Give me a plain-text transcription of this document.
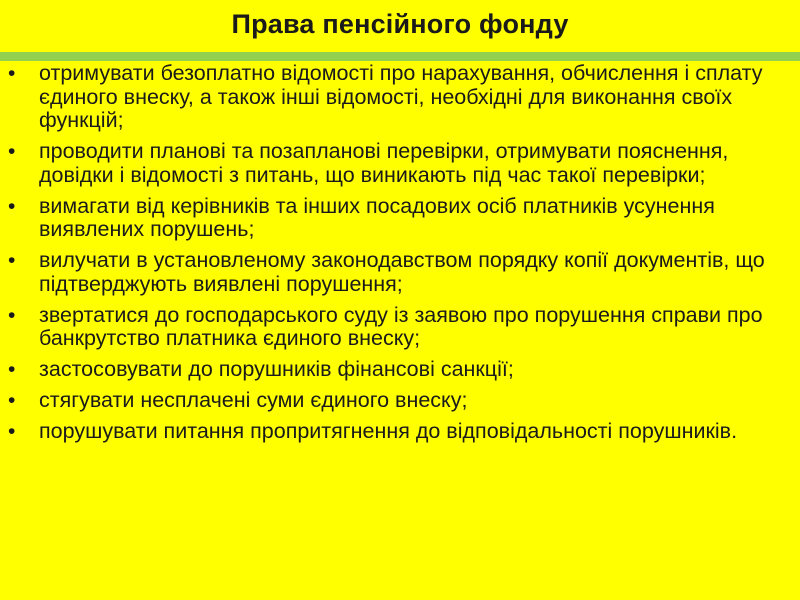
Права пенсійного фонду
• отримувати безоплатно відомості про нарахування, обчислення і сплату єдиного внеску, а також інші відомості, необхідні для виконання своїх функцій;
• проводити планові та позапланові перевірки, отримувати пояснення, довідки і відомості з питань, що виникають під час такої перевірки;
• вимагати від керівників та інших посадових осіб платників усунення виявлених порушень;
• вилучати в установленому законодавством порядку копії документів, що підтверджують виявлені порушення;
• звертатися до господарського суду із заявою про порушення справи про банкрутство платника єдиного внеску;
• застосовувати до порушників фінансові санкції;
• стягувати несплачені суми єдиного внеску;
• порушувати питання пропритягнення до відповідальності порушників.
